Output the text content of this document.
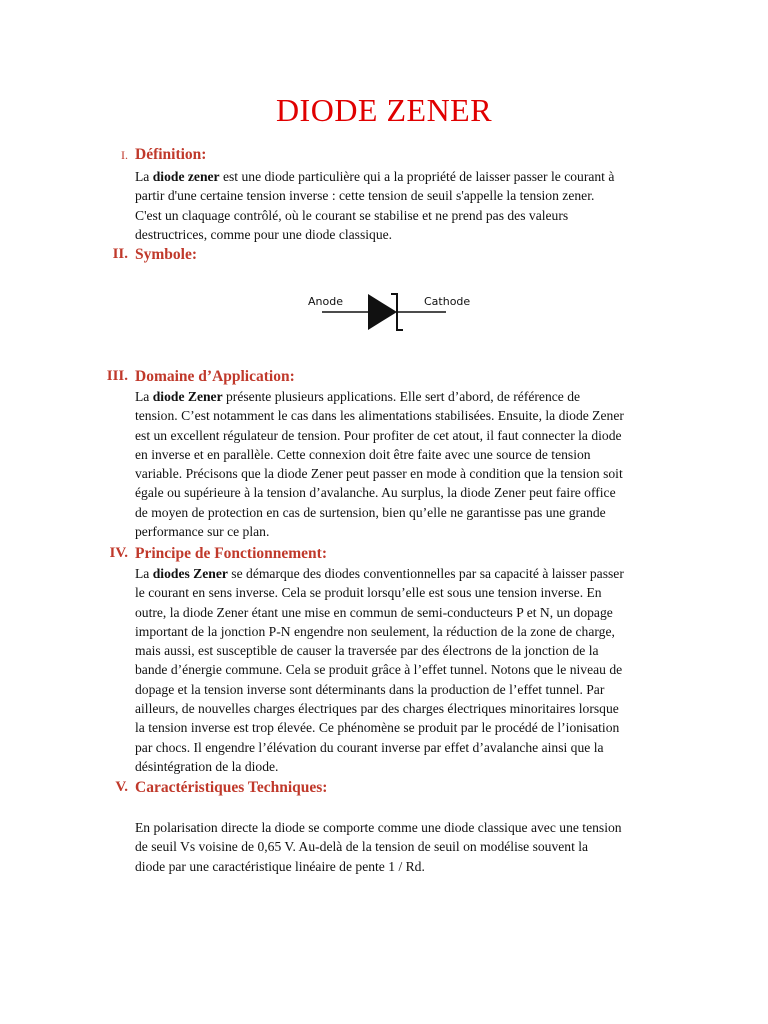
DIODE ZENER
I. Définition:
La diode zener est une diode particulière qui a la propriété de laisser passer le courant à
partir d'une certaine tension inverse : cette tension de seuil s'appelle la tension zener.
C'est un claquage contrôlé, où le courant se stabilise et ne prend pas des valeurs
destructrices, comme pour une diode classique.
II. Symbole:
Anode	Cathode
III. Domaine d’Application:
La diode Zener présente plusieurs applications. Elle sert d’abord, de référence de
tension. C’est notamment le cas dans les alimentations stabilisées. Ensuite, la diode Zener
est un excellent régulateur de tension. Pour profiter de cet atout, il faut connecter la diode
en inverse et en parallèle. Cette connexion doit être faite avec une source de tension
variable. Précisons que la diode Zener peut passer en mode à condition que la tension soit
égale ou supérieure à la tension d’avalanche. Au surplus, la diode Zener peut faire office
de moyen de protection en cas de surtension, bien qu’elle ne garantisse pas une grande
performance sur ce plan.
IV. Principe de Fonctionnement:
La diodes Zener se démarque des diodes conventionnelles par sa capacité à laisser passer
le courant en sens inverse. Cela se produit lorsqu’elle est sous une tension inverse. En
outre, la diode Zener étant une mise en commun de semi-conducteurs P et N, un dopage
important de la jonction P-N engendre non seulement, la réduction de la zone de charge,
mais aussi, est susceptible de causer la traversée par des électrons de la jonction de la
bande d’énergie commune. Cela se produit grâce à l’effet tunnel. Notons que le niveau de
dopage et la tension inverse sont déterminants dans la production de l’effet tunnel. Par
ailleurs, de nouvelles charges électriques par des charges électriques minoritaires lorsque
la tension inverse est trop élevée. Ce phénomène se produit par le procédé de l’ionisation
par chocs. Il engendre l’élévation du courant inverse par effet d’avalanche ainsi que la
désintégration de la diode.
V. Caractéristiques Techniques:
En polarisation directe la diode se comporte comme une diode classique avec une tension
de seuil Vs voisine de 0,65 V. Au-delà de la tension de seuil on modélise souvent la
diode par une caractéristique linéaire de pente 1 / Rd.
